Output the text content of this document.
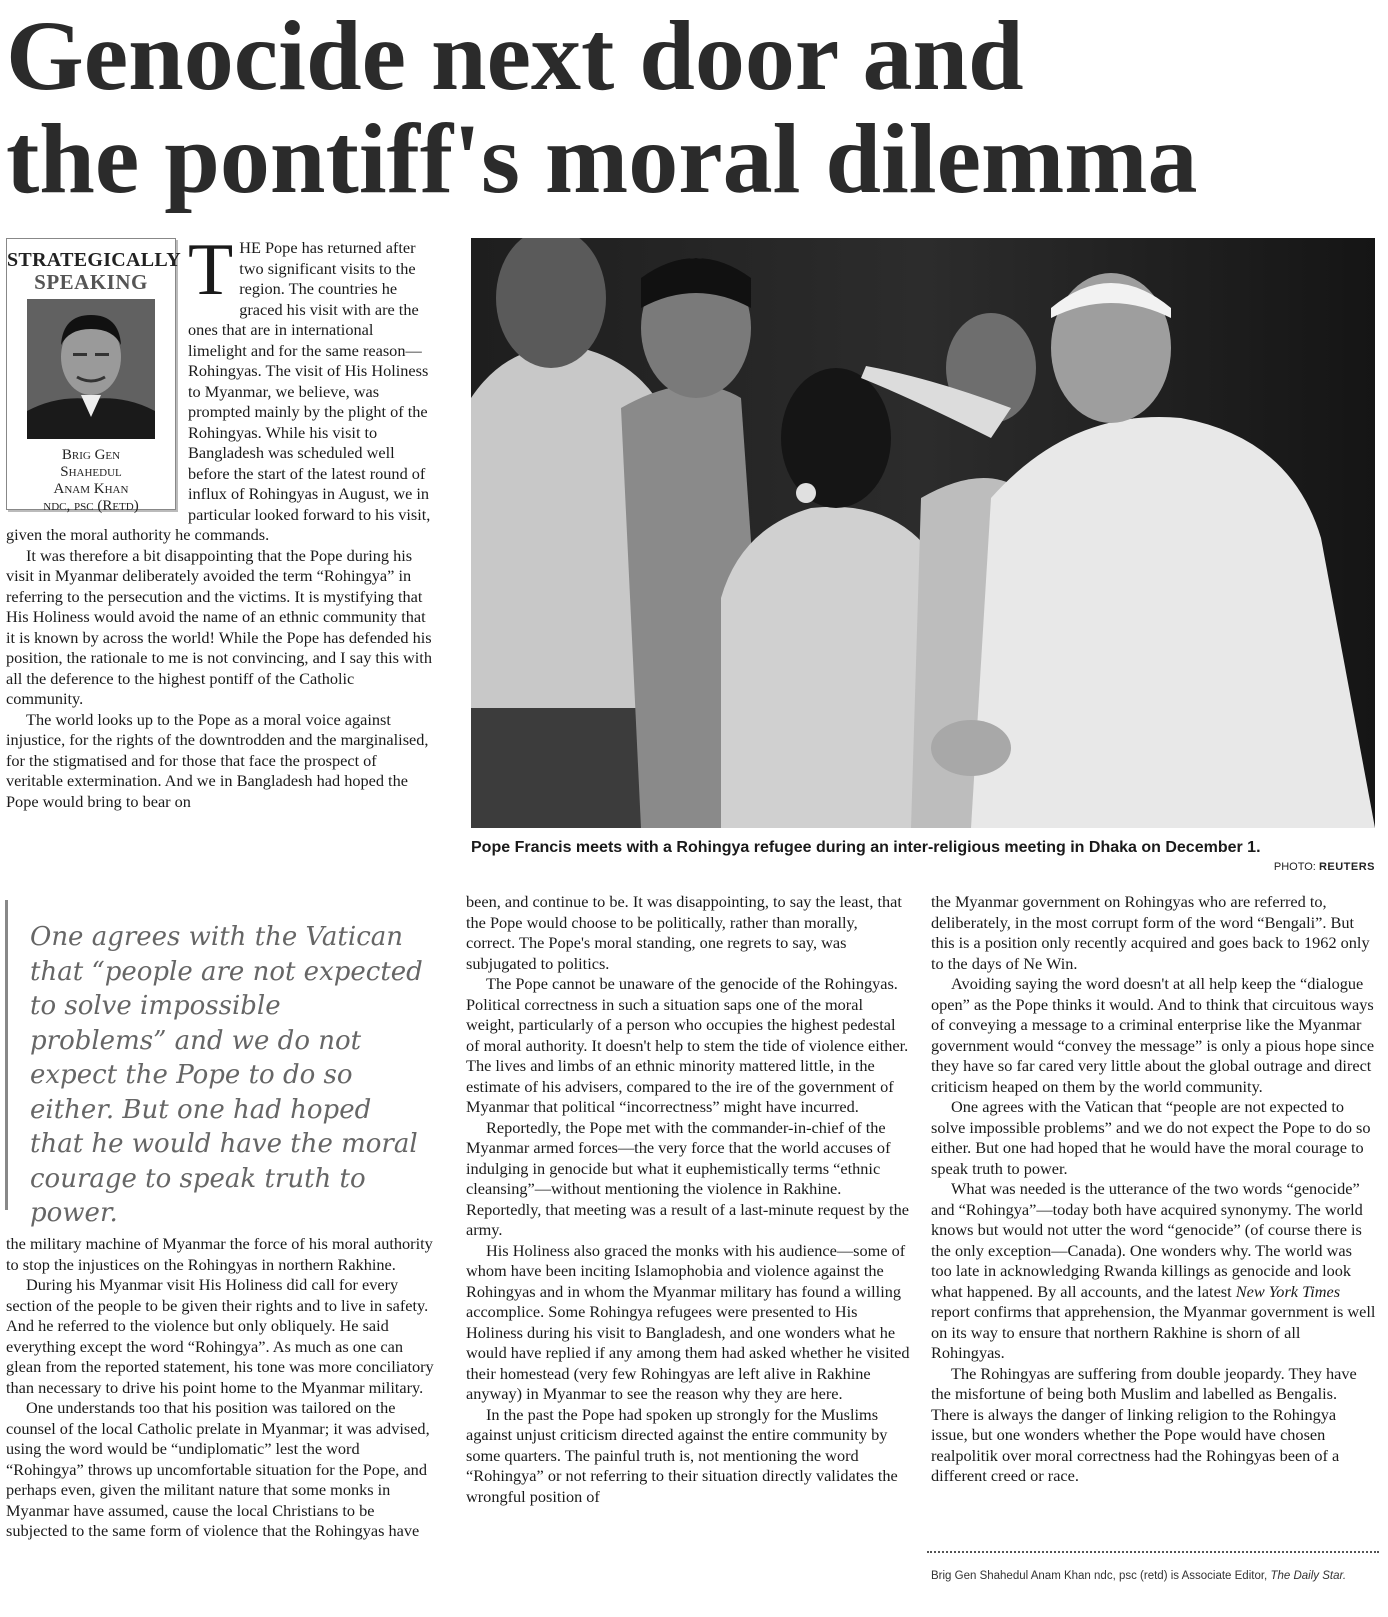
Genocide next door and
the pontiff's moral dilemma

THE Pope has returned after two significant visits to the region. The countries he graced his visit with are the ones that are in international limelight and for the same reason—Rohingyas. The visit of His Holiness to Myanmar, we believe, was prompted mainly by the plight of the Rohingyas. While his visit to Bangladesh was scheduled well before the start of the latest round of influx of Rohingyas in August, we in particular looked forward to his visit, given the moral authority he commands.

It was therefore a bit disappointing that the Pope during his visit in Myanmar deliberately avoided the term “Rohingya” in referring to the persecution and the victims. It is mystifying that His Holiness would avoid the name of an ethnic community that it is known by across the world! While the Pope has defended his position, the rationale to me is not convincing, and I say this with all the deference to the highest pontiff of the Catholic community.

The world looks up to the Pope as a moral voice against injustice, for the rights of the downtrodden and the marginalised, for the stigmatised and for those that face the prospect of veritable extermination. And we in Bangladesh had hoped the Pope would bring to bear on

STRATEGICALLY
SPEAKING
Brig Gen
Shahedul
Anam Khan
ndc, psc (Retd)
Pope Francis meets with a Rohingya refugee during an inter-religious meeting in Dhaka on December 1.
PHOTO: REUTERS
One agrees with the Vatican that “people are not expected to solve impossible problems” and we do not expect the Pope to do so either. But one had hoped that he would have the moral courage to speak truth to power.

the military machine of Myanmar the force of his moral authority to stop the injustices on the Rohingyas in northern Rakhine.

During his Myanmar visit His Holiness did call for every section of the people to be given their rights and to live in safety. And he referred to the violence but only obliquely. He said everything except the word “Rohingya”. As much as one can glean from the reported statement, his tone was more conciliatory than necessary to drive his point home to the Myanmar military.

One understands too that his position was tailored on the counsel of the local Catholic prelate in Myanmar; it was advised, using the word would be “undiplomatic” lest the word “Rohingya” throws up uncomfortable situation for the Pope, and perhaps even, given the militant nature that some monks in Myanmar have assumed, cause the local Christians to be subjected to the same form of violence that the Rohingyas have

been, and continue to be. It was disappointing, to say the least, that the Pope would choose to be politically, rather than morally, correct. The Pope's moral standing, one regrets to say, was subjugated to politics.

The Pope cannot be unaware of the genocide of the Rohingyas. Political correctness in such a situation saps one of the moral weight, particularly of a person who occupies the highest pedestal of moral authority. It doesn't help to stem the tide of violence either. The lives and limbs of an ethnic minority mattered little, in the estimate of his advisers, compared to the ire of the government of Myanmar that political “incorrectness” might have incurred.

Reportedly, the Pope met with the commander-in-chief of the Myanmar armed forces—the very force that the world accuses of indulging in genocide but what it euphemistically terms “ethnic cleansing”—without mentioning the violence in Rakhine. Reportedly, that meeting was a result of a last-minute request by the army.

His Holiness also graced the monks with his audience—some of whom have been inciting Islamophobia and violence against the Rohingyas and in whom the Myanmar military has found a willing accomplice. Some Rohingya refugees were presented to His Holiness during his visit to Bangladesh, and one wonders what he would have replied if any among them had asked whether he visited their homestead (very few Rohingyas are left alive in Rakhine anyway) in Myanmar to see the reason why they are here.

In the past the Pope had spoken up strongly for the Muslims against unjust criticism directed against the entire community by some quarters. The painful truth is, not mentioning the word “Rohingya” or not referring to their situation directly validates the wrongful position of

the Myanmar government on Rohingyas who are referred to, deliberately, in the most corrupt form of the word “Bengali”. But this is a position only recently acquired and goes back to 1962 only to the days of Ne Win.

Avoiding saying the word doesn't at all help keep the “dialogue open” as the Pope thinks it would. And to think that circuitous ways of conveying a message to a criminal enterprise like the Myanmar government would “convey the message” is only a pious hope since they have so far cared very little about the global outrage and direct criticism heaped on them by the world community.

One agrees with the Vatican that “people are not expected to solve impossible problems” and we do not expect the Pope to do so either. But one had hoped that he would have the moral courage to speak truth to power.

What was needed is the utterance of the two words “genocide” and “Rohingya”—today both have acquired synonymy. The world knows but would not utter the word “genocide” (of course there is the only exception—Canada). One wonders why. The world was too late in acknowledging Rwanda killings as genocide and look what happened. By all accounts, and the latest New York Times report confirms that apprehension, the Myanmar government is well on its way to ensure that northern Rakhine is shorn of all Rohingyas.

The Rohingyas are suffering from double jeopardy. They have the misfortune of being both Muslim and labelled as Bengalis. There is always the danger of linking religion to the Rohingya issue, but one wonders whether the Pope would have chosen realpolitik over moral correctness had the Rohingyas been of a different creed or race.

Brig Gen Shahedul Anam Khan ndc, psc (retd) is Associate Editor, The Daily Star.
